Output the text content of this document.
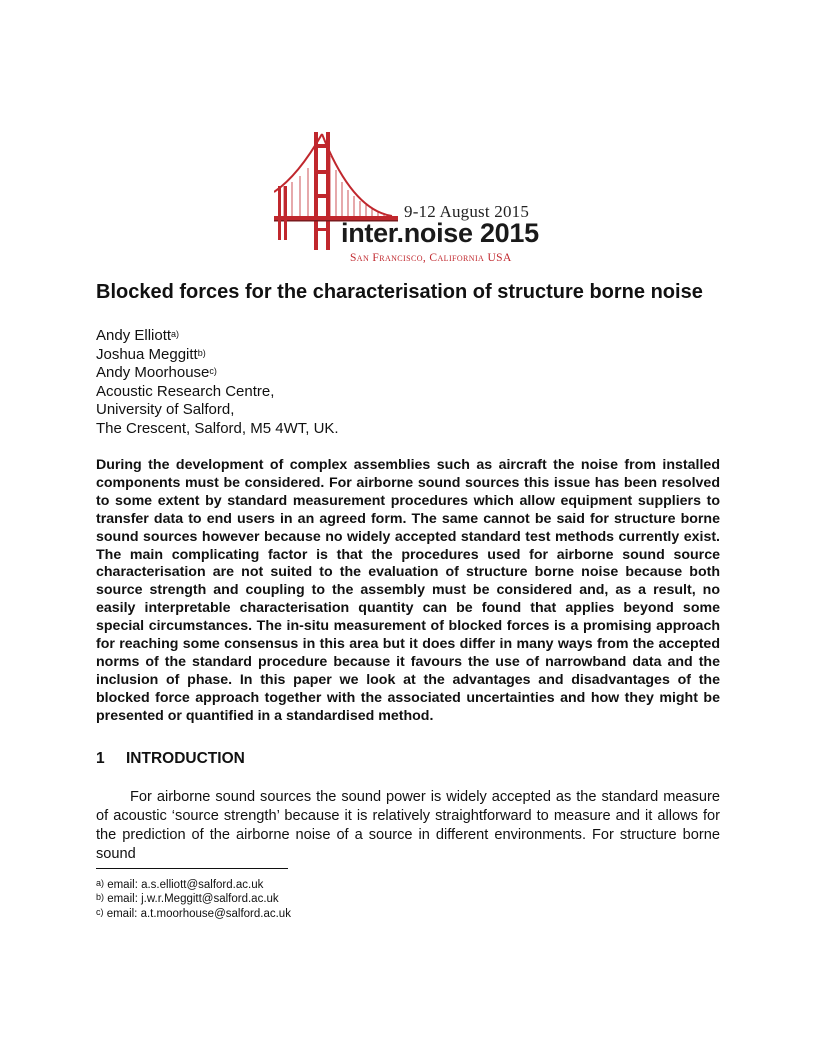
9-12 August 2015
inter.noise 2015
San Francisco, California USA
Blocked forces for the characterisation of structure borne noise
Andy Elliott$^{a)}$
Joshua Meggitt$^{b)}$
Andy Moorhouse$^{c)}$
Acoustic Research Centre,
University of Salford,
The Crescent, Salford, M5 4WT, UK.

During the development of complex assemblies such as aircraft the noise from installed components must be considered. For airborne sound sources this issue has been resolved to some extent by standard measurement procedures which allow equipment suppliers to transfer data to end users in an agreed form. The same cannot be said for structure borne sound sources however because no widely accepted standard test methods currently exist. The main complicating factor is that the procedures used for airborne sound source characterisation are not suited to the evaluation of structure borne noise because both source strength and coupling to the assembly must be considered and, as a result, no easily interpretable characterisation quantity can be found that applies beyond some special circumstances. The in-situ measurement of blocked forces is a promising approach for reaching some consensus in this area but it does differ in many ways from the accepted norms of the standard procedure because it favours the use of narrowband data and the inclusion of phase. In this paper we look at the advantages and disadvantages of the blocked force approach together with the associated uncertainties and how they might be presented or quantified in a standardised method.

1 INTRODUCTION

For airborne sound sources the sound power is widely accepted as the standard measure of acoustic ‘source strength’ because it is relatively straightforward to measure and it allows for the prediction of the airborne noise of a source in different environments. For structure borne sound

$^{a)}$ email: a.s.elliott@salford.ac.uk
$^{b)}$ email: j.w.r.Meggitt@salford.ac.uk
$^{c)}$ email: a.t.moorhouse@salford.ac.uk
